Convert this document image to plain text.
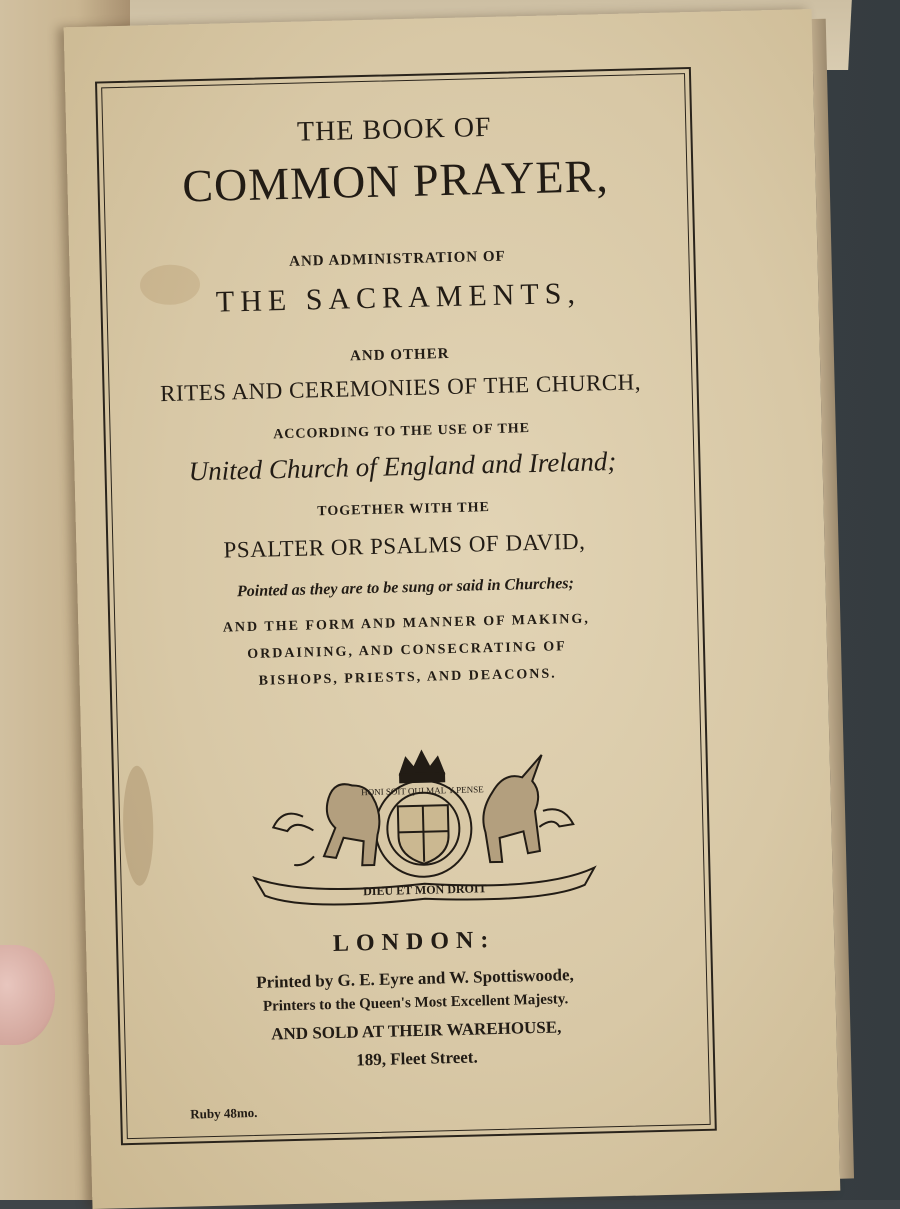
THE BOOK OF
COMMON PRAYER,
AND ADMINISTRATION OF
THE SACRAMENTS,
AND OTHER
RITES AND CEREMONIES OF THE CHURCH,
ACCORDING TO THE USE OF THE
United Church of England and Ireland;
TOGETHER WITH THE
PSALTER OR PSALMS OF DAVID,
Pointed as they are to be sung or said in Churches;
AND THE FORM AND MANNER OF MAKING,
ORDAINING, AND CONSECRATING OF
BISHOPS, PRIESTS, AND DEACONS.
HONI SOIT QUI MAL Y PENSE
DIEU ET MON DROIT
LONDON:
Printed by G. E. Eyre and W. Spottiswoode,
Printers to the Queen's Most Excellent Majesty.
AND SOLD AT THEIR WAREHOUSE,
189, Fleet Street.
Ruby 48mo.
